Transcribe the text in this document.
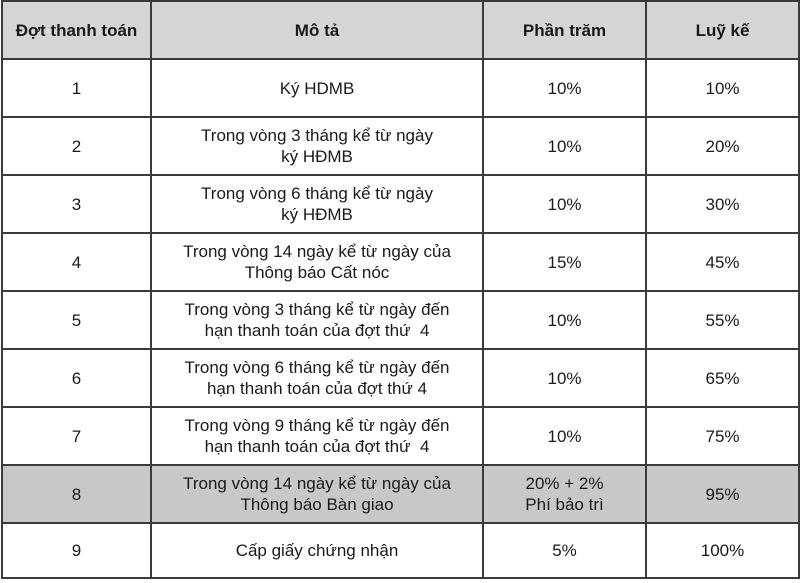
Đợt thanh toán	Mô tả	Phần trăm	Luỹ kế
1	Ký HDMB	10%	10%
2	Trong vòng 3 tháng kể từ ngày ký HĐMB	10%	20%
3	Trong vòng 6 tháng kể từ ngày ký HĐMB	10%	30%
4	Trong vòng 14 ngày kể từ ngày của Thông báo Cất nóc	15%	45%
5	Trong vòng 3 tháng kể từ ngày đến hạn thanh toán của đợt thứ  4	10%	55%
6	Trong vòng 6 tháng kể từ ngày đến hạn thanh toán của đợt thứ 4	10%	65%
7	Trong vòng 9 tháng kể từ ngày đến hạn thanh toán của đợt thứ  4	10%	75%
8	Trong vòng 14 ngày kể từ ngày của Thông báo Bàn giao	20% + 2% Phí bảo trì	95%
9	Cấp giấy chứng nhận	5%	100%
